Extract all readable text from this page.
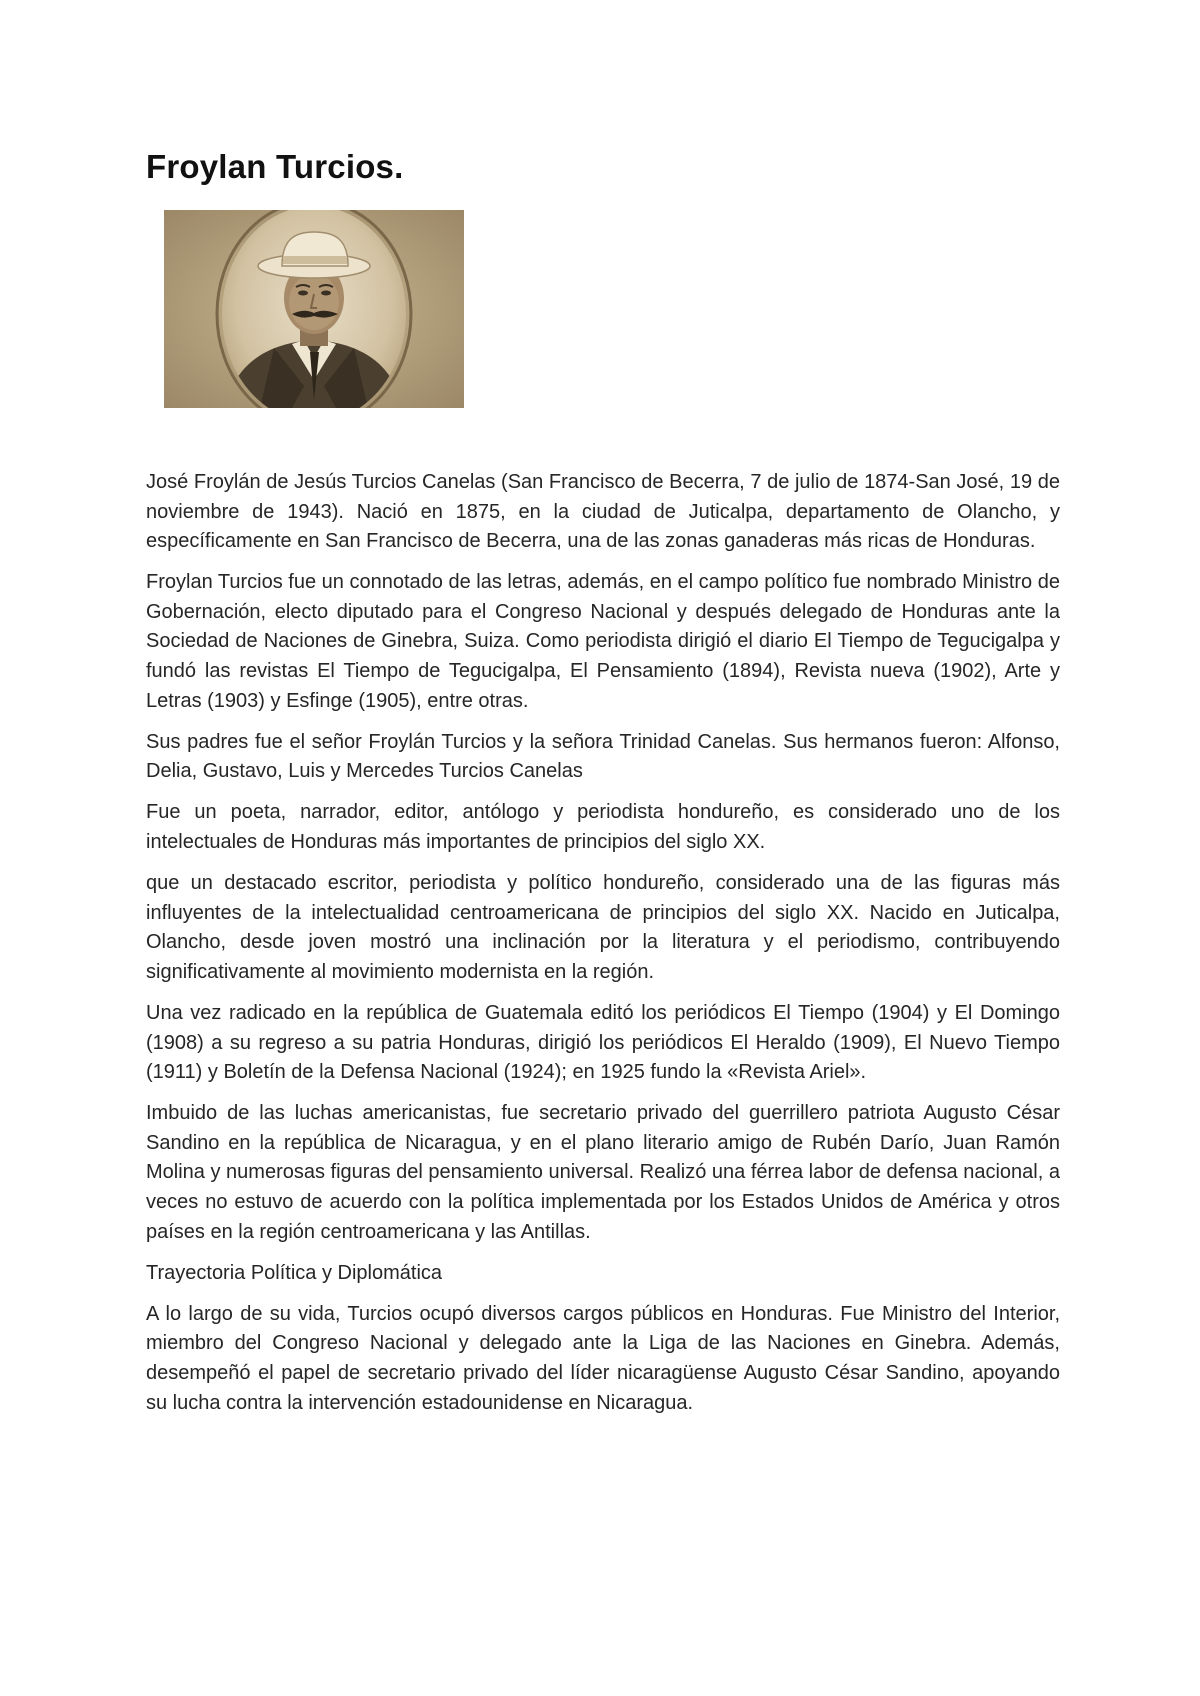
Froylan Turcios.

José Froylán de Jesús Turcios Canelas (San Francisco de Becerra, 7 de julio de 1874-San José, 19 de noviembre de 1943). Nació en 1875, en la ciudad de Juticalpa, departamento de Olancho, y específicamente en San Francisco de Becerra, una de las zonas ganaderas más ricas de Honduras.

Froylan Turcios fue un connotado de las letras, además, en el campo político fue nombrado Ministro de Gobernación, electo diputado para el Congreso Nacional y después delegado de Honduras ante la Sociedad de Naciones de Ginebra, Suiza. Como periodista dirigió el diario El Tiempo de Tegucigalpa y fundó las revistas El Tiempo de Tegucigalpa, El Pensamiento (1894), Revista nueva (1902), Arte y Letras (1903) y Esfinge (1905), entre otras.

Sus padres fue el señor Froylán Turcios y la señora Trinidad Canelas. Sus hermanos fueron: Alfonso, Delia, Gustavo, Luis y Mercedes Turcios Canelas

Fue un poeta, narrador, editor, antólogo y periodista hondureño, es considerado uno de los intelectuales de Honduras más importantes de principios del siglo XX.

que un destacado escritor, periodista y político hondureño, considerado una de las figuras más influyentes de la intelectualidad centroamericana de principios del siglo XX. Nacido en Juticalpa, Olancho, desde joven mostró una inclinación por la literatura y el periodismo, contribuyendo significativamente al movimiento modernista en la región.

Una vez radicado en la república de Guatemala editó los periódicos El Tiempo (1904) y El Domingo (1908) a su regreso a su patria Honduras, dirigió los periódicos El Heraldo (1909), El Nuevo Tiempo (1911) y Boletín de la Defensa Nacional (1924); en 1925 fundo la «Revista Ariel».

Imbuido de las luchas americanistas, fue secretario privado del guerrillero patriota Augusto César Sandino en la república de Nicaragua, y en el plano literario amigo de Rubén Darío, Juan Ramón Molina y numerosas figuras del pensamiento universal. Realizó una férrea labor de defensa nacional, a veces no estuvo de acuerdo con la política implementada por los Estados Unidos de América y otros países en la región centroamericana y las Antillas.

Trayectoria Política y Diplomática

A lo largo de su vida, Turcios ocupó diversos cargos públicos en Honduras. Fue Ministro del Interior, miembro del Congreso Nacional y delegado ante la Liga de las Naciones en Ginebra. Además, desempeñó el papel de secretario privado del líder nicaragüense Augusto César Sandino, apoyando su lucha contra la intervención estadounidense en Nicaragua.
